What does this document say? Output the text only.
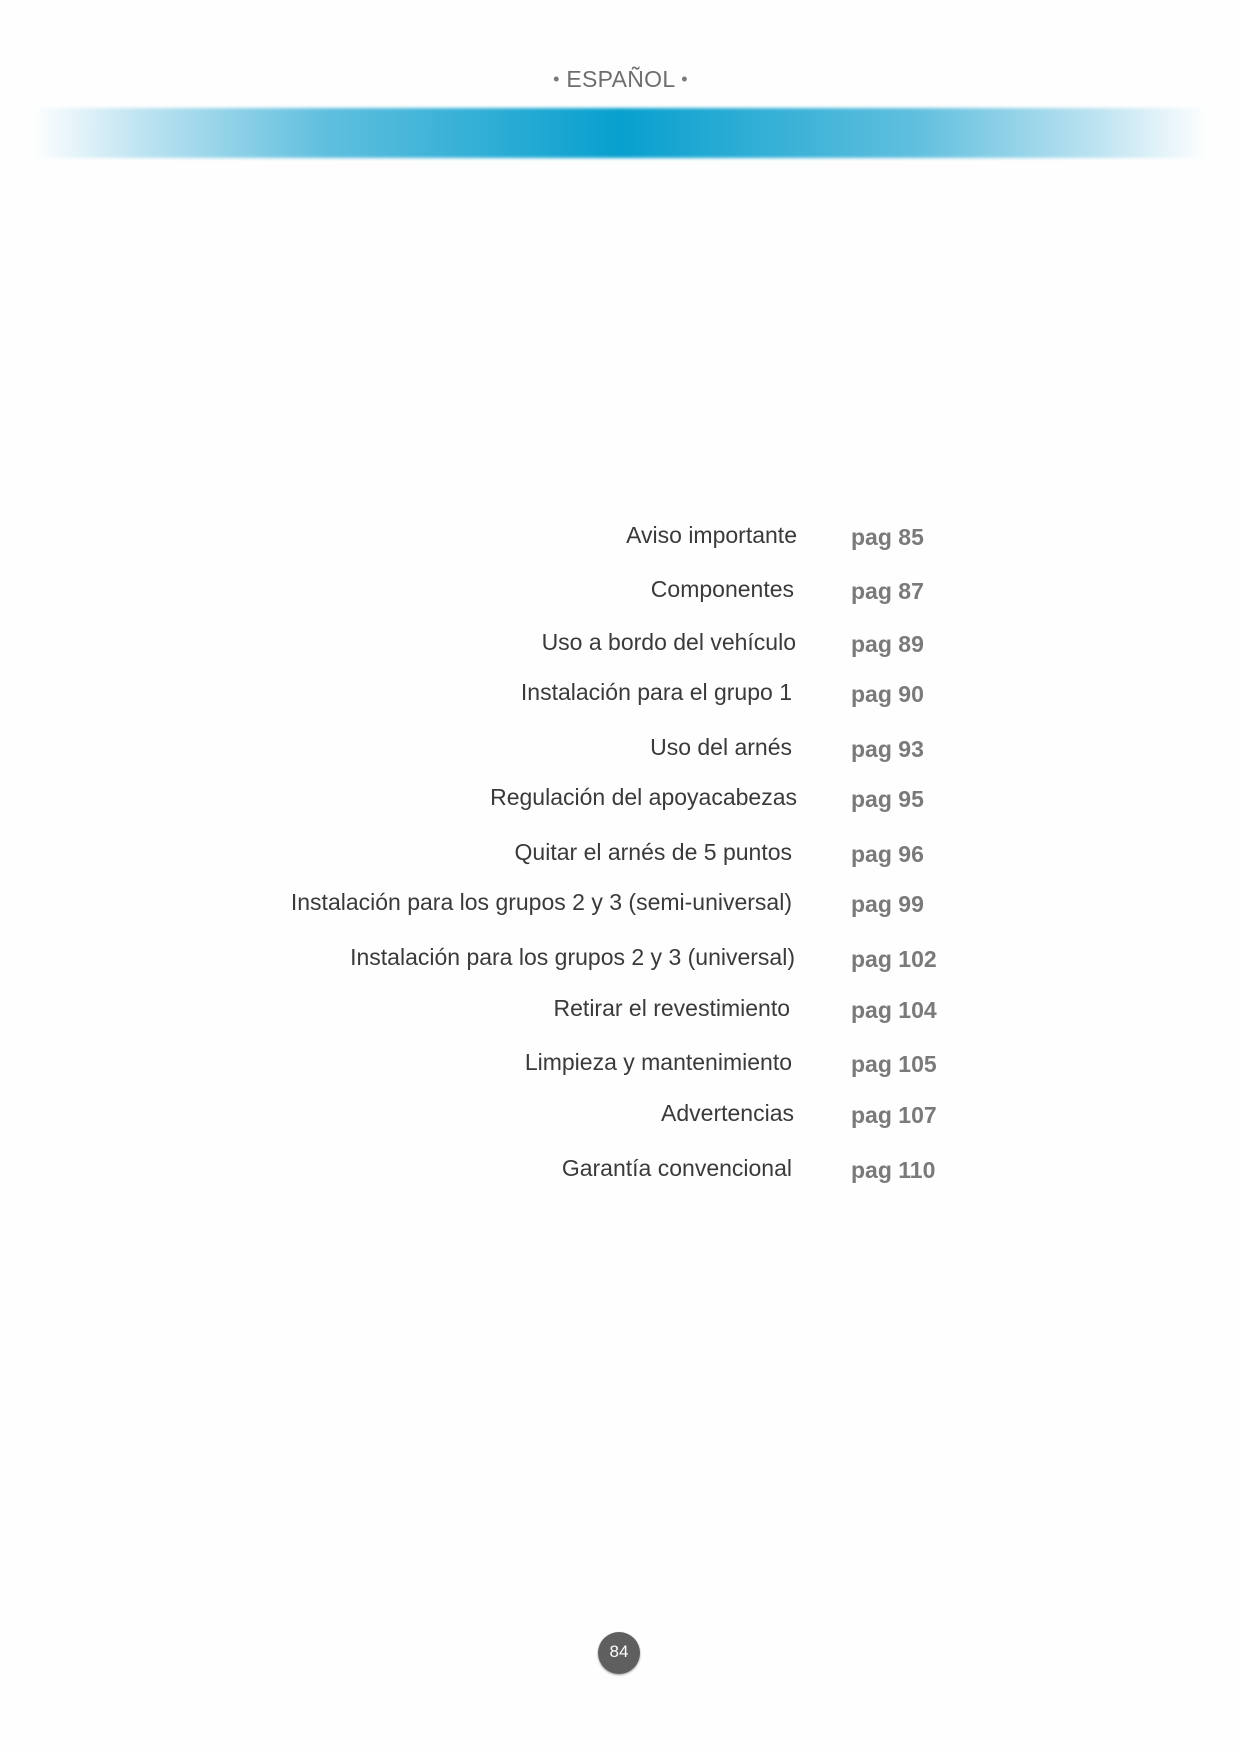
• ESPAÑOL •
Aviso importante pag 85
Componentes pag 87
Uso a bordo del vehículo pag 89
Instalación para el grupo 1	pag 90
Uso del arnés	pag 93
Regulación del apoyacabezas pag 95
Quitar el arnés de 5 puntos	pag 96
Instalación para los grupos 2 y 3 (semi-universal)	pag 99
Instalación para los grupos 2 y 3 (universal) pag 102
Retirar el revestimiento	pag 104
Limpieza y mantenimiento	pag 105
Advertencias pag 107
Garantía convencional	pag 110
84
